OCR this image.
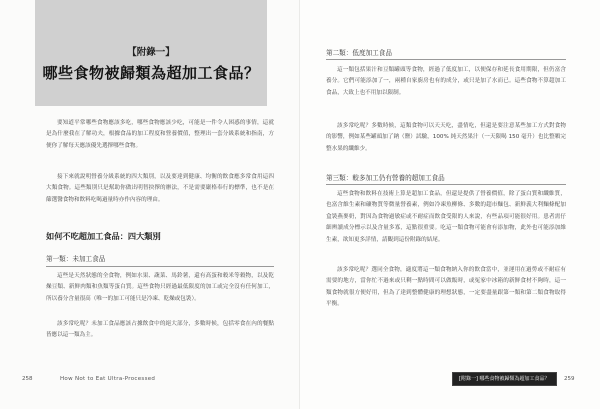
【附錄一】
哪些食物被歸類為超加工食品？

要知道平常哪些食物應該多吃，哪些食物應該少吃，可能是一件令人困惑的事情，這就是為什麼我在了解功夫，根據食品的加工程度和營養價值，整理出一套分級系統和指南，方便你了解每天應該優先選擇哪些食物。

接下來就說明營養分級系統的四大類別，以及要達到健康、均衡的飲食應多常食用這四大類食物。這些類別只是幫助你做出明智抉擇的辦法，不是需要嚴格奉行的標準，也不是在篩選醫食物和飲料吃喝過量時亦作內容的理由。

如何不吃超加工食品：四大類別
第一類：未加工食品

這些是天然狀態的全食物，例如水果、蔬菜、馬鈴薯，還有高蛋和穀米等穀物，以及乾燥豆類、新鮮肉類和魚類等蛋白質。這些食物只經過最低限度的加工或完全沒有任何加工，所以養分含量很高（唯一的加工可能只是冷凍、乾燥或包裝）。

該多常吃呢？未加工食品應該占據飲食中的絕大部分，多數時候，包括零食在內的餐點皆應以這一類為主。

258	How Not to Eat Ultra-Processed
第二類：低度加工食品

這一類包括果汁和豆類罐頭等食物，經過了低度加工，以便保存和延長食用期限，但仍富含養分。它們可能添加了一，兩種自家廚房也有的成分，或只是加了水而已。這些食物不算超加工食品，大致上也不用加以限制。

該多常吃呢？多數時候，這類食物可以天天吃，盡情吃，但還是要注意某些加工方式對食物的影響，例如某些罐頭加了鈉（鹽）試驗，100% 純天然果汁（一天限喝 150 毫升）也比整顆完整水果的纖維少。

第三類：較多加工仍有營養的超加工食品

這些食物和飲料在技術上算是超加工食品，但還是提供了營養價值，除了蛋白質和纖維質，也富含維生素和礦物質等微量營養素，例如冷凍魚柳條、多數的超市麵包、新鮮義大利麵條配加盒裝燕麥奶，對因為食物過敏症或不耐症而飲食受限的人來說，有些品項可能很好用。患者需仔細辨讀成分標示以及含量多寡，這點很重要。吃這一類食物可能會有添加物，此外也可能添加維生素，欲知更多詳情，請觀到這份附錄的結尾。

該多常吃呢？選同全食物，適度將這一類食物納入你的飲食當中，並運用在過勞或不耐症有需要的地方，當你忙不過來或只剩一點時間可以做飯時，或冤家中冰箱的新鮮食材不夠時，這一類食物就很方便好用，但為了達到整體健康的理想狀態，一定要盡量跟第一類和第二類食物取得平衡。

[附錄一] 哪些食物被歸類為超加工食品？	259
